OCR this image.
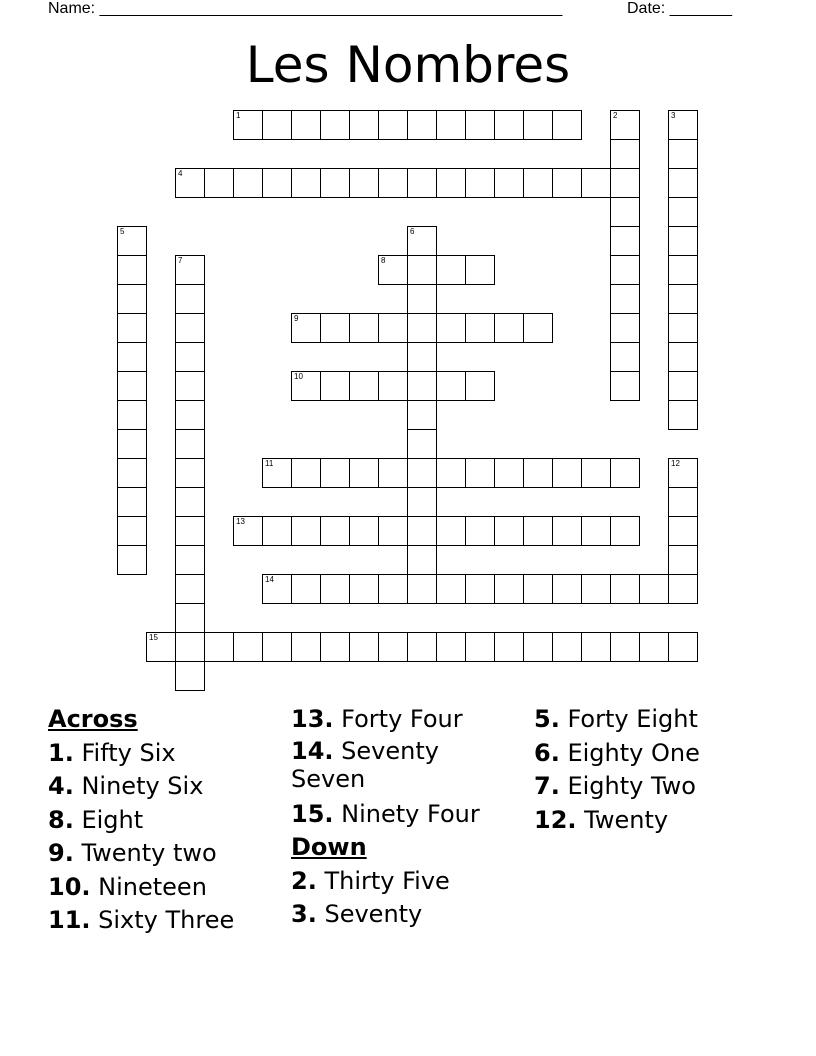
Name: ____________________________________________________	Date: _______
Les Nombres
1
4
8
9
10
11
13
14
15
2	3
5	6
7
12
Across
1. Fifty Six
4. Ninety Six
8. Eight
9. Twenty two
10. Nineteen
11. Sixty Three
13. Forty Four
14. Seventy Seven
15. Ninety Four
Down
2. Thirty Five
3. Seventy
5. Forty Eight
6. Eighty One
7. Eighty Two
12. Twenty
